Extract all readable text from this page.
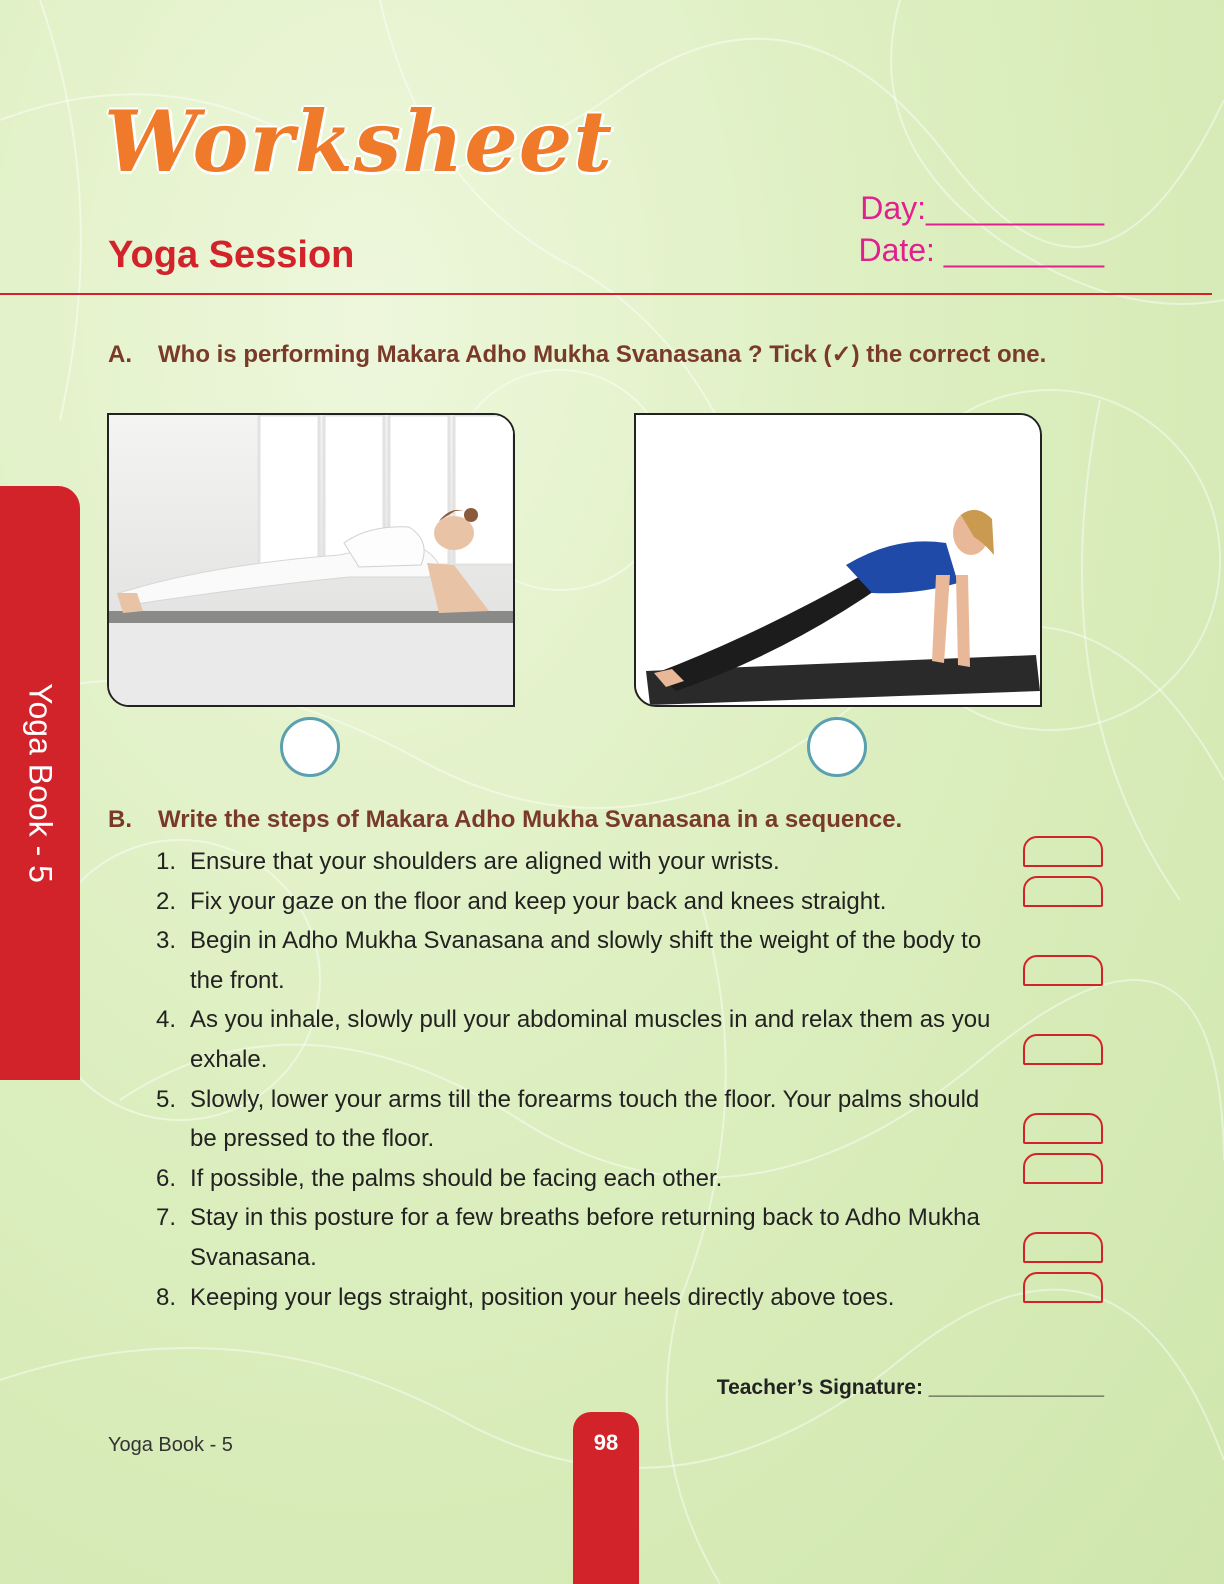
Worksheet
Yoga Session

Day:__________

Date: _________

Yoga Book - 5

A. Who is performing Makara Adho Mukha Svanasana ? Tick (✓) the correct one.

B. Write the steps of Makara Adho Mukha Svanasana in a sequence.

1. Ensure that your shoulders are aligned with your wrists.
2. Fix your gaze on the floor and keep your back and knees straight.
3. Begin in Adho Mukha Svanasana and slowly shift the weight of the body to the front.
4. As you inhale, slowly pull your abdominal muscles in and relax them as you exhale.
5. Slowly, lower your arms till the forearms touch the floor. Your palms should be pressed to the floor.
6. If possible, the palms should be facing each other.
7. Stay in this posture for a few breaths before returning back to Adho Mukha Svanasana.
8. Keeping your legs straight, position your heels directly above toes.

Teacher’s Signature: _______________

Yoga Book - 5	98
